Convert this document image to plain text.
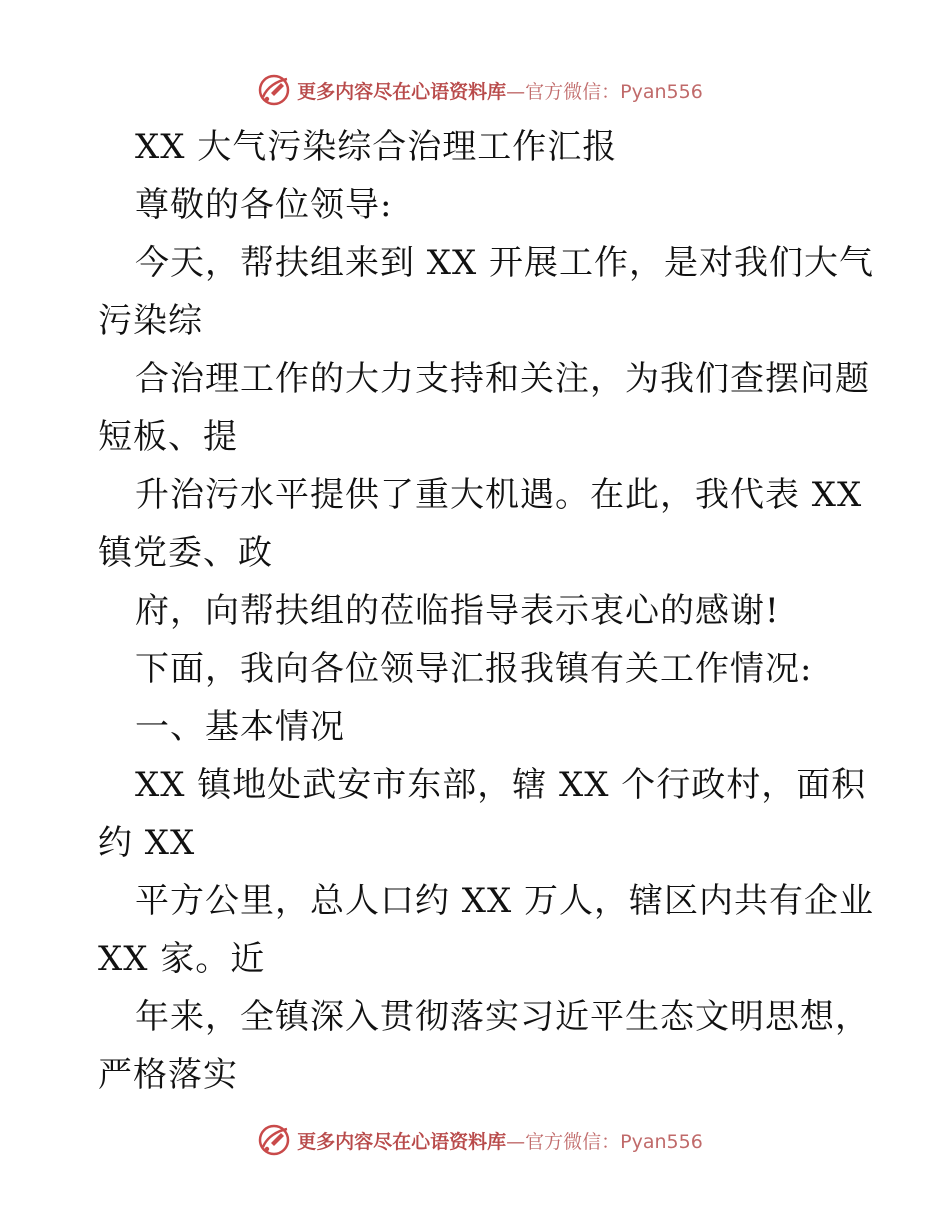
更多内容尽在心语资料库—官方微信：Pyan556
XX 大气污染综合治理工作汇报
尊敬的各位领导:
今天，帮扶组来到 XX 开展工作，是对我们大气
污染综
合治理工作的大力支持和关注，为我们查摆问题
短板、提
升治污水平提供了重大机遇。在此，我代表 XX
镇党委、政
府，向帮扶组的莅临指导表示衷心的感谢!
下面，我向各位领导汇报我镇有关工作情况:
一、基本情况
XX 镇地处武安市东部，辖 XX 个行政村，面积
约 XX
平方公里，总人口约 XX 万人，辖区内共有企业
XX 家。近
年来，全镇深入贯彻落实习近平生态文明思想，
严格落实
更多内容尽在心语资料库—官方微信：Pyan556
